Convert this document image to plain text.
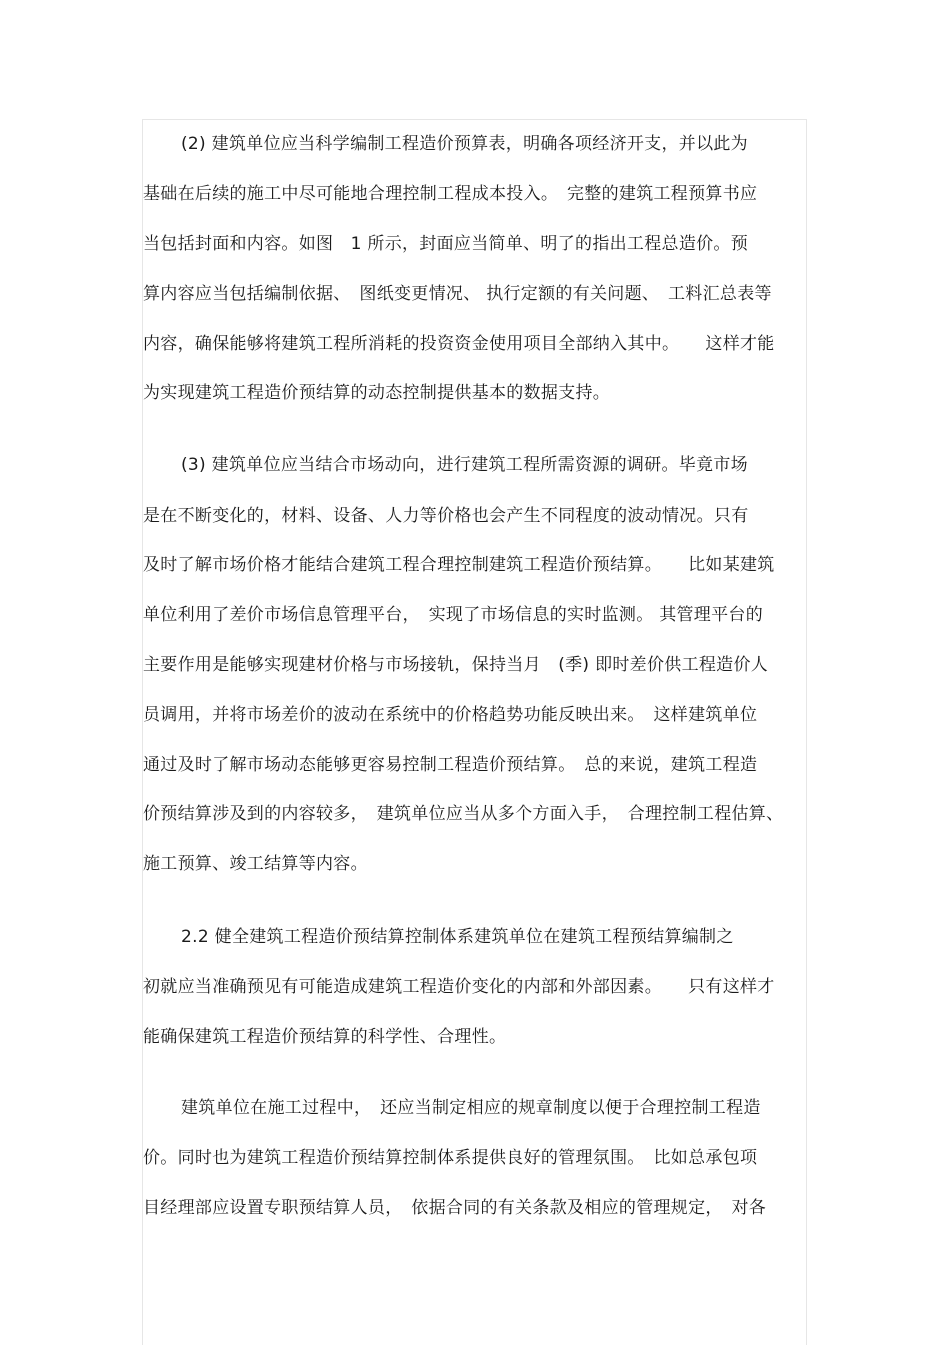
(2) 建筑单位应当科学编制工程造价预算表，明确各项经济开支，并以此为
基础在后续的施工中尽可能地合理控制工程成本投入。　完整的建筑工程预算书应
当包括封面和内容。如图　1 所示，封面应当简单、明了的指出工程总造价。预
算内容应当包括编制依据、　图纸变更情况、 执行定额的有关问题、　工料汇总表等
内容，确保能够将建筑工程所消耗的投资资金使用项目全部纳入其中。　　这样才能
为实现建筑工程造价预结算的动态控制提供基本的数据支持。
(3) 建筑单位应当结合市场动向，进行建筑工程所需资源的调研。毕竟市场
是在不断变化的，材料、设备、人力等价格也会产生不同程度的波动情况。只有
及时了解市场价格才能结合建筑工程合理控制建筑工程造价预结算。　　比如某建筑
单位利用了差价市场信息管理平台，　实现了市场信息的实时监测。 其管理平台的
主要作用是能够实现建材价格与市场接轨，保持当月　(季) 即时差价供工程造价人
员调用，并将市场差价的波动在系统中的价格趋势功能反映出来。　这样建筑单位
通过及时了解市场动态能够更容易控制工程造价预结算。　总的来说，建筑工程造
价预结算涉及到的内容较多，　建筑单位应当从多个方面入手，　合理控制工程估算、
施工预算、竣工结算等内容。
2.2 健全建筑工程造价预结算控制体系建筑单位在建筑工程预结算编制之
初就应当准确预见有可能造成建筑工程造价变化的内部和外部因素。　　只有这样才
能确保建筑工程造价预结算的科学性、合理性。
建筑单位在施工过程中，　还应当制定相应的规章制度以便于合理控制工程造
价。同时也为建筑工程造价预结算控制体系提供良好的管理氛围。　比如总承包项
目经理部应设置专职预结算人员，　依据合同的有关条款及相应的管理规定，　对各
